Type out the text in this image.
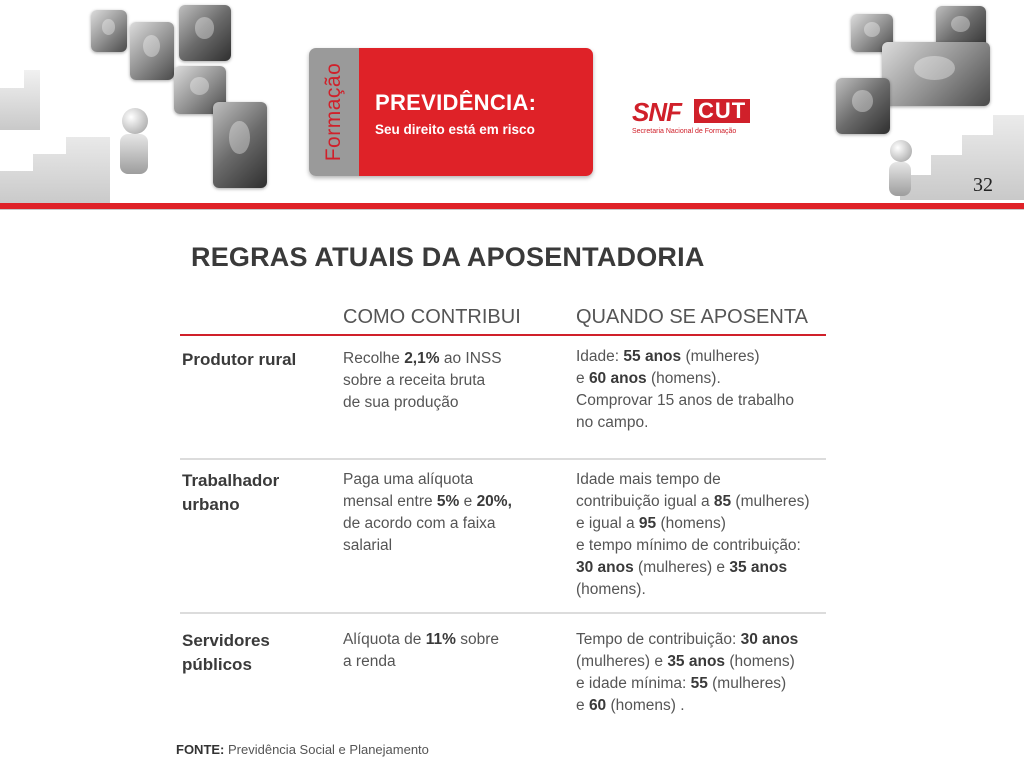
Formação PREVIDÊNCIA:
Seu direito está em risco
SNF CUT
Secretaria Nacional de Formação
32
REGRAS ATUAIS DA APOSENTADORIA
COMO CONTRIBUI	QUANDO SE APOSENTA
Produtor rural	Recolhe 2,1% ao INSS
sobre a receita bruta
de sua produção
Idade: 55 anos (mulheres)
e 60 anos (homens).
Comprovar 15 anos de trabalho
no campo.
Trabalhador
urbano
Paga uma alíquota
mensal entre 5% e 20%,
de acordo com a faixa
salarial
Idade mais tempo de
contribuição igual a 85 (mulheres)
e igual a 95 (homens)
e tempo mínimo de contribuição:
30 anos (mulheres) e 35 anos
(homens).
Servidores
públicos
Alíquota de 11% sobre
a renda
Tempo de contribuição: 30 anos
(mulheres) e 35 anos (homens)
e idade mínima: 55 (mulheres)
e 60 (homens) .
FONTE: Previdência Social e Planejamento
